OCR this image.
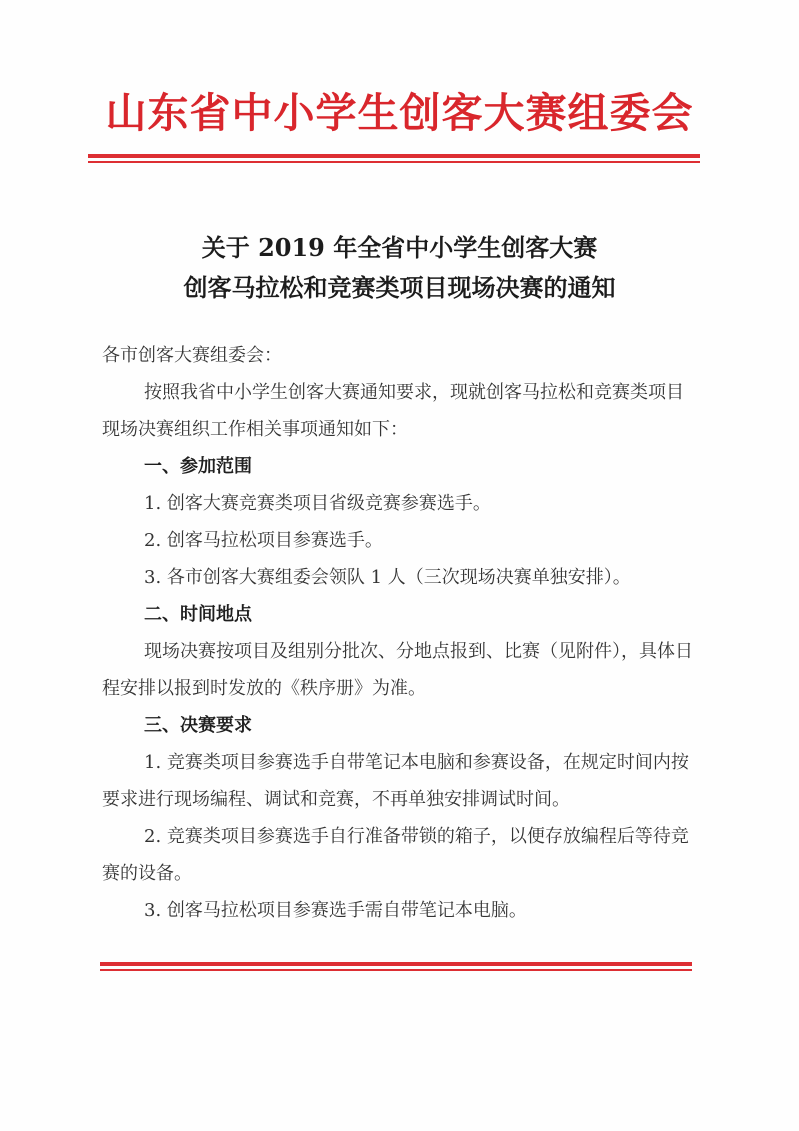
山东省中小学生创客大赛组委会
关于 2019 年全省中小学生创客大赛
创客马拉松和竞赛类项目现场决赛的通知

各市创客大赛组委会：

按照我省中小学生创客大赛通知要求，现就创客马拉松和竞赛类项目现场决赛组织工作相关事项通知如下：

一、参加范围

1. 创客大赛竞赛类项目省级竞赛参赛选手。

2. 创客马拉松项目参赛选手。

3. 各市创客大赛组委会领队 1 人（三次现场决赛单独安排）。

二、时间地点

现场决赛按项目及组别分批次、分地点报到、比赛（见附件），具体日程安排以报到时发放的《秩序册》为准。

三、决赛要求

1. 竞赛类项目参赛选手自带笔记本电脑和参赛设备，在规定时间内按要求进行现场编程、调试和竞赛，不再单独安排调试时间。

2. 竞赛类项目参赛选手自行准备带锁的箱子，以便存放编程后等待竞赛的设备。

3. 创客马拉松项目参赛选手需自带笔记本电脑。
